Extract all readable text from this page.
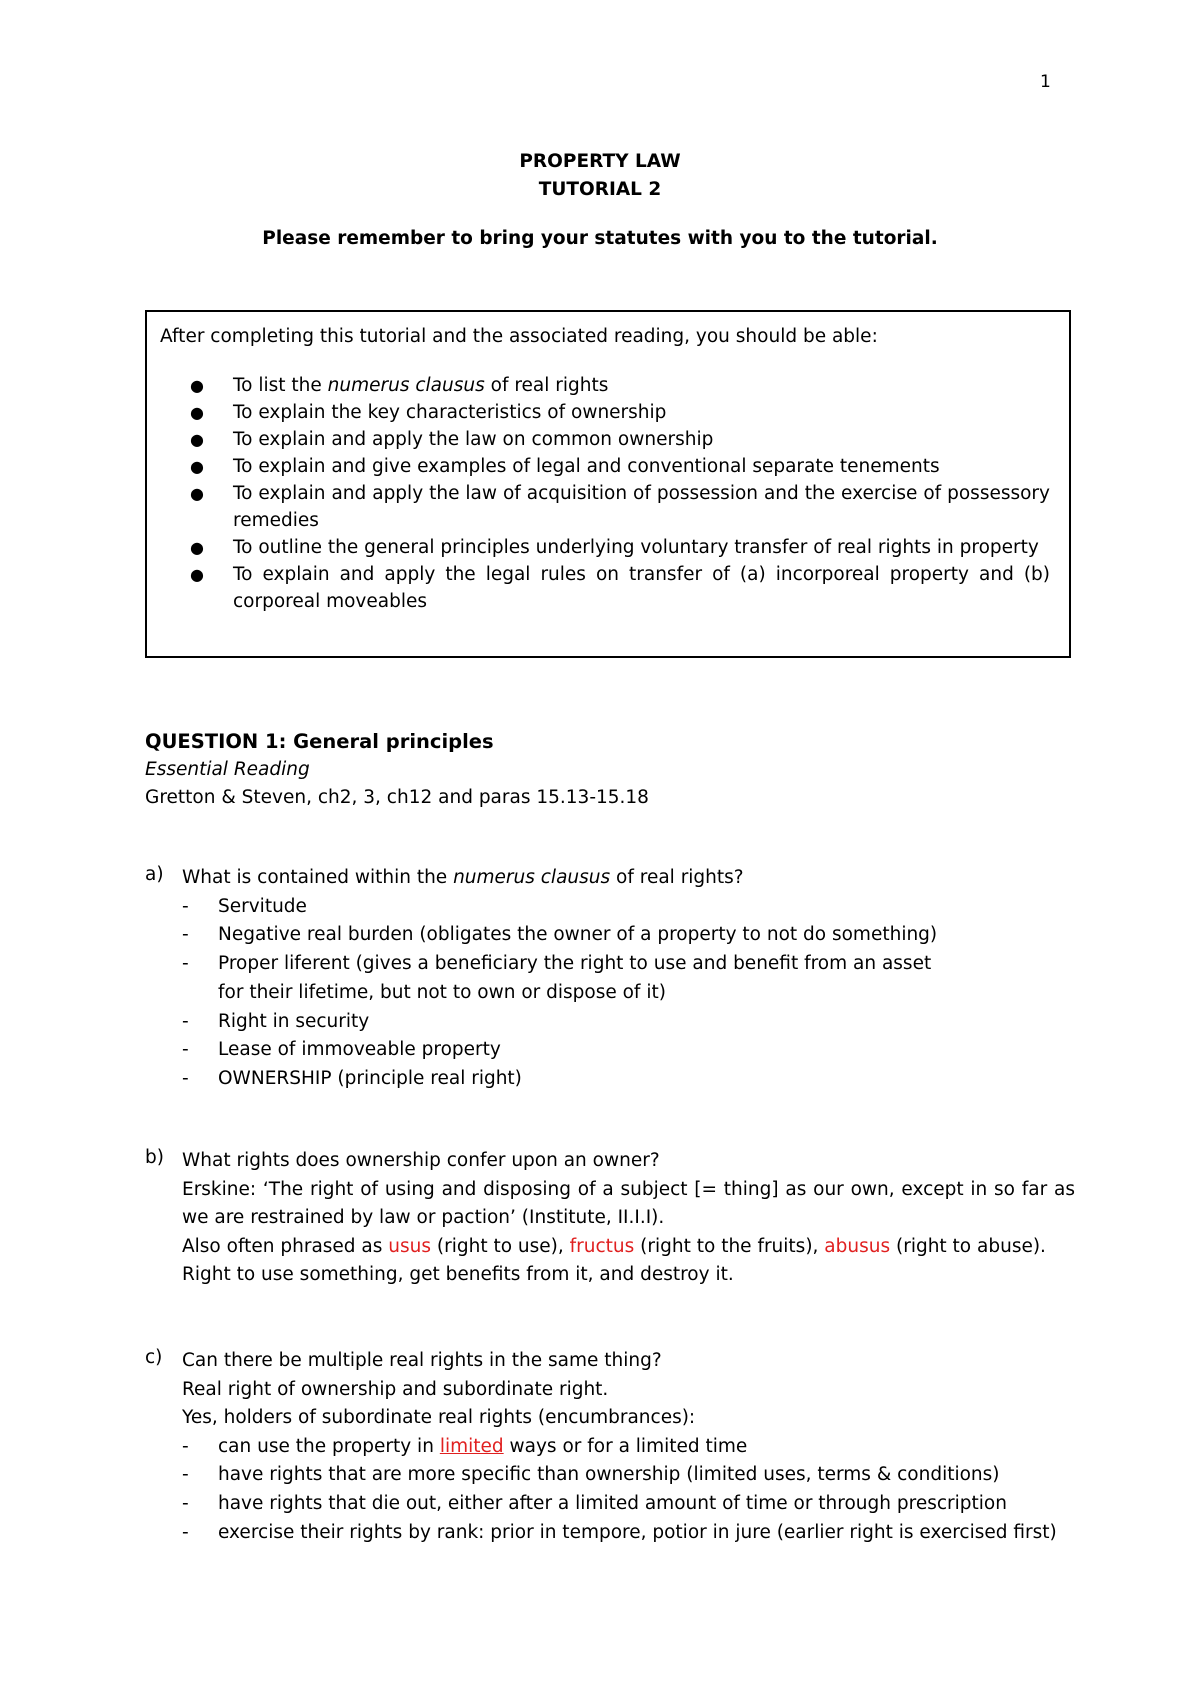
1
PROPERTY LAW
TUTORIAL 2
Please remember to bring your statutes with you to the tutorial.
After completing this tutorial and the associated reading, you should be able:
● To list the numerus clausus of real rights
● To explain the key characteristics of ownership
● To explain and apply the law on common ownership
● To explain and give examples of legal and conventional separate tenements
● To explain and apply the law of acquisition of possession and the exercise of possessory remedies
● To outline the general principles underlying voluntary transfer of real rights in property
● To explain and apply the legal rules on transfer of (a) incorporeal property and (b) corporeal moveables
QUESTION 1: General principles
Essential Reading
Gretton & Steven, ch2, 3, ch12 and paras 15.13-15.18
a) What is contained within the numerus clausus of real rights?
- Servitude
- Negative real burden (obligates the owner of a property to not do something)
- Proper liferent (gives a beneficiary the right to use and benefit from an asset for their lifetime, but not to own or dispose of it)
- Right in security
- Lease of immoveable property
- OWNERSHIP (principle real right)
b) What rights does ownership confer upon an owner?
Erskine: ‘The right of using and disposing of a subject [= thing] as our own, except in so far as we are restrained by law or paction’ (Institute, II.I.I).
Also often phrased as usus (right to use), fructus (right to the fruits), abusus (right to abuse).
Right to use something, get benefits from it, and destroy it.
c) Can there be multiple real rights in the same thing?
Real right of ownership and subordinate right.
Yes, holders of subordinate real rights (encumbrances):
- can use the property in limited ways or for a limited time
- have rights that are more specific than ownership (limited uses, terms & conditions)
- have rights that die out, either after a limited amount of time or through prescription
- exercise their rights by rank: prior in tempore, potior in jure (earlier right is exercised first)
